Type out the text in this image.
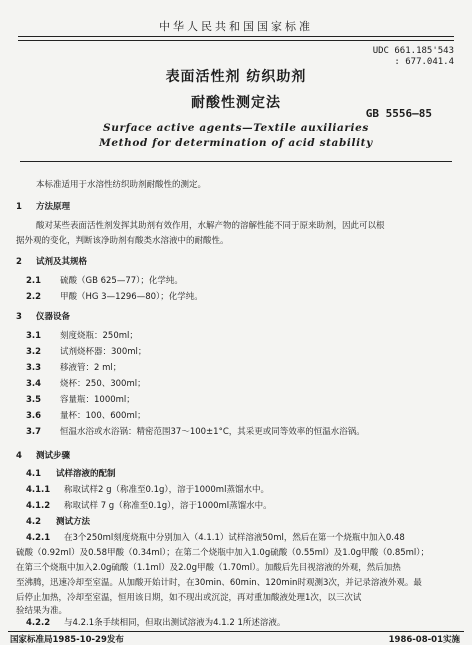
中华人民共和国国家标准
UDC 661.185'543
: 677.041.4
表面活性剂 纺织助剂
耐酸性测定法
GB 5556—85
Surface active agents—Textile auxiliaries
Method for determination of acid stability
本标准适用于水溶性纺织助剂耐酸性的测定。
1 方法原理
酸对某些表面活性剂发挥其助剂有效作用，水解产物的溶解性能不同于原来助剂，因此可以根
据外观的变化，判断该净助剂有酸类水溶液中的耐酸性。
2 试剂及其规格
2.1 硫酸（GB 625—77）；化学纯。
2.2 甲酸（HG 3—1296—80）；化学纯。
3 仪器设备
3.1 刻度烧瓶：250ml；
3.2 试剂烧杯器：300ml；
3.3 移液管：2 ml；
3.4 烧杯：250、300ml；
3.5 容量瓶：1000ml；
3.6 量杯：100、600ml；
3.7 恒温水浴或水浴锅：精密范围37～100±1°C，其采更或同等效率的恒温水浴锅。
4 测试步骤
4.1 试样溶液的配制
4.1.1 称取试样2 g（称准至0.1g），溶于1000ml蒸馏水中。
4.1.2 称取试样 7 g（称准至0.1g），溶于1000ml蒸馏水中。
4.2 测试方法
4.2.1 在3个250ml刻度烧瓶中分别加入（4.1.1）试样溶液50ml，然后在第一个烧瓶中加入0.48
硫酸（0.92ml）及0.58甲酸（0.34ml）；在第二个烧瓶中加入1.0g硫酸（0.55ml）及1.0g甲酸（0.85ml）；
在第三个烧瓶中加入2.0g硫酸（1.1ml）及2.0g甲酸（1.70ml）。加酸后先目视溶液的外观，然后加热
至沸腾，迅速冷却至室温。从加酸开始计时，在30min、60min、120min时观测3次，并记录溶液外观。最
后停止加热，冷却至室温，恒用该日期，如不现出或沉淀，再对重加酸液处理1次，以三次试
验结果为准。
4.2.2 与4.2.1条手续相同，但取出测试溶液为4.1.2 1所述溶液。
国家标准局1985-10-29发布	1986-08-01实施
